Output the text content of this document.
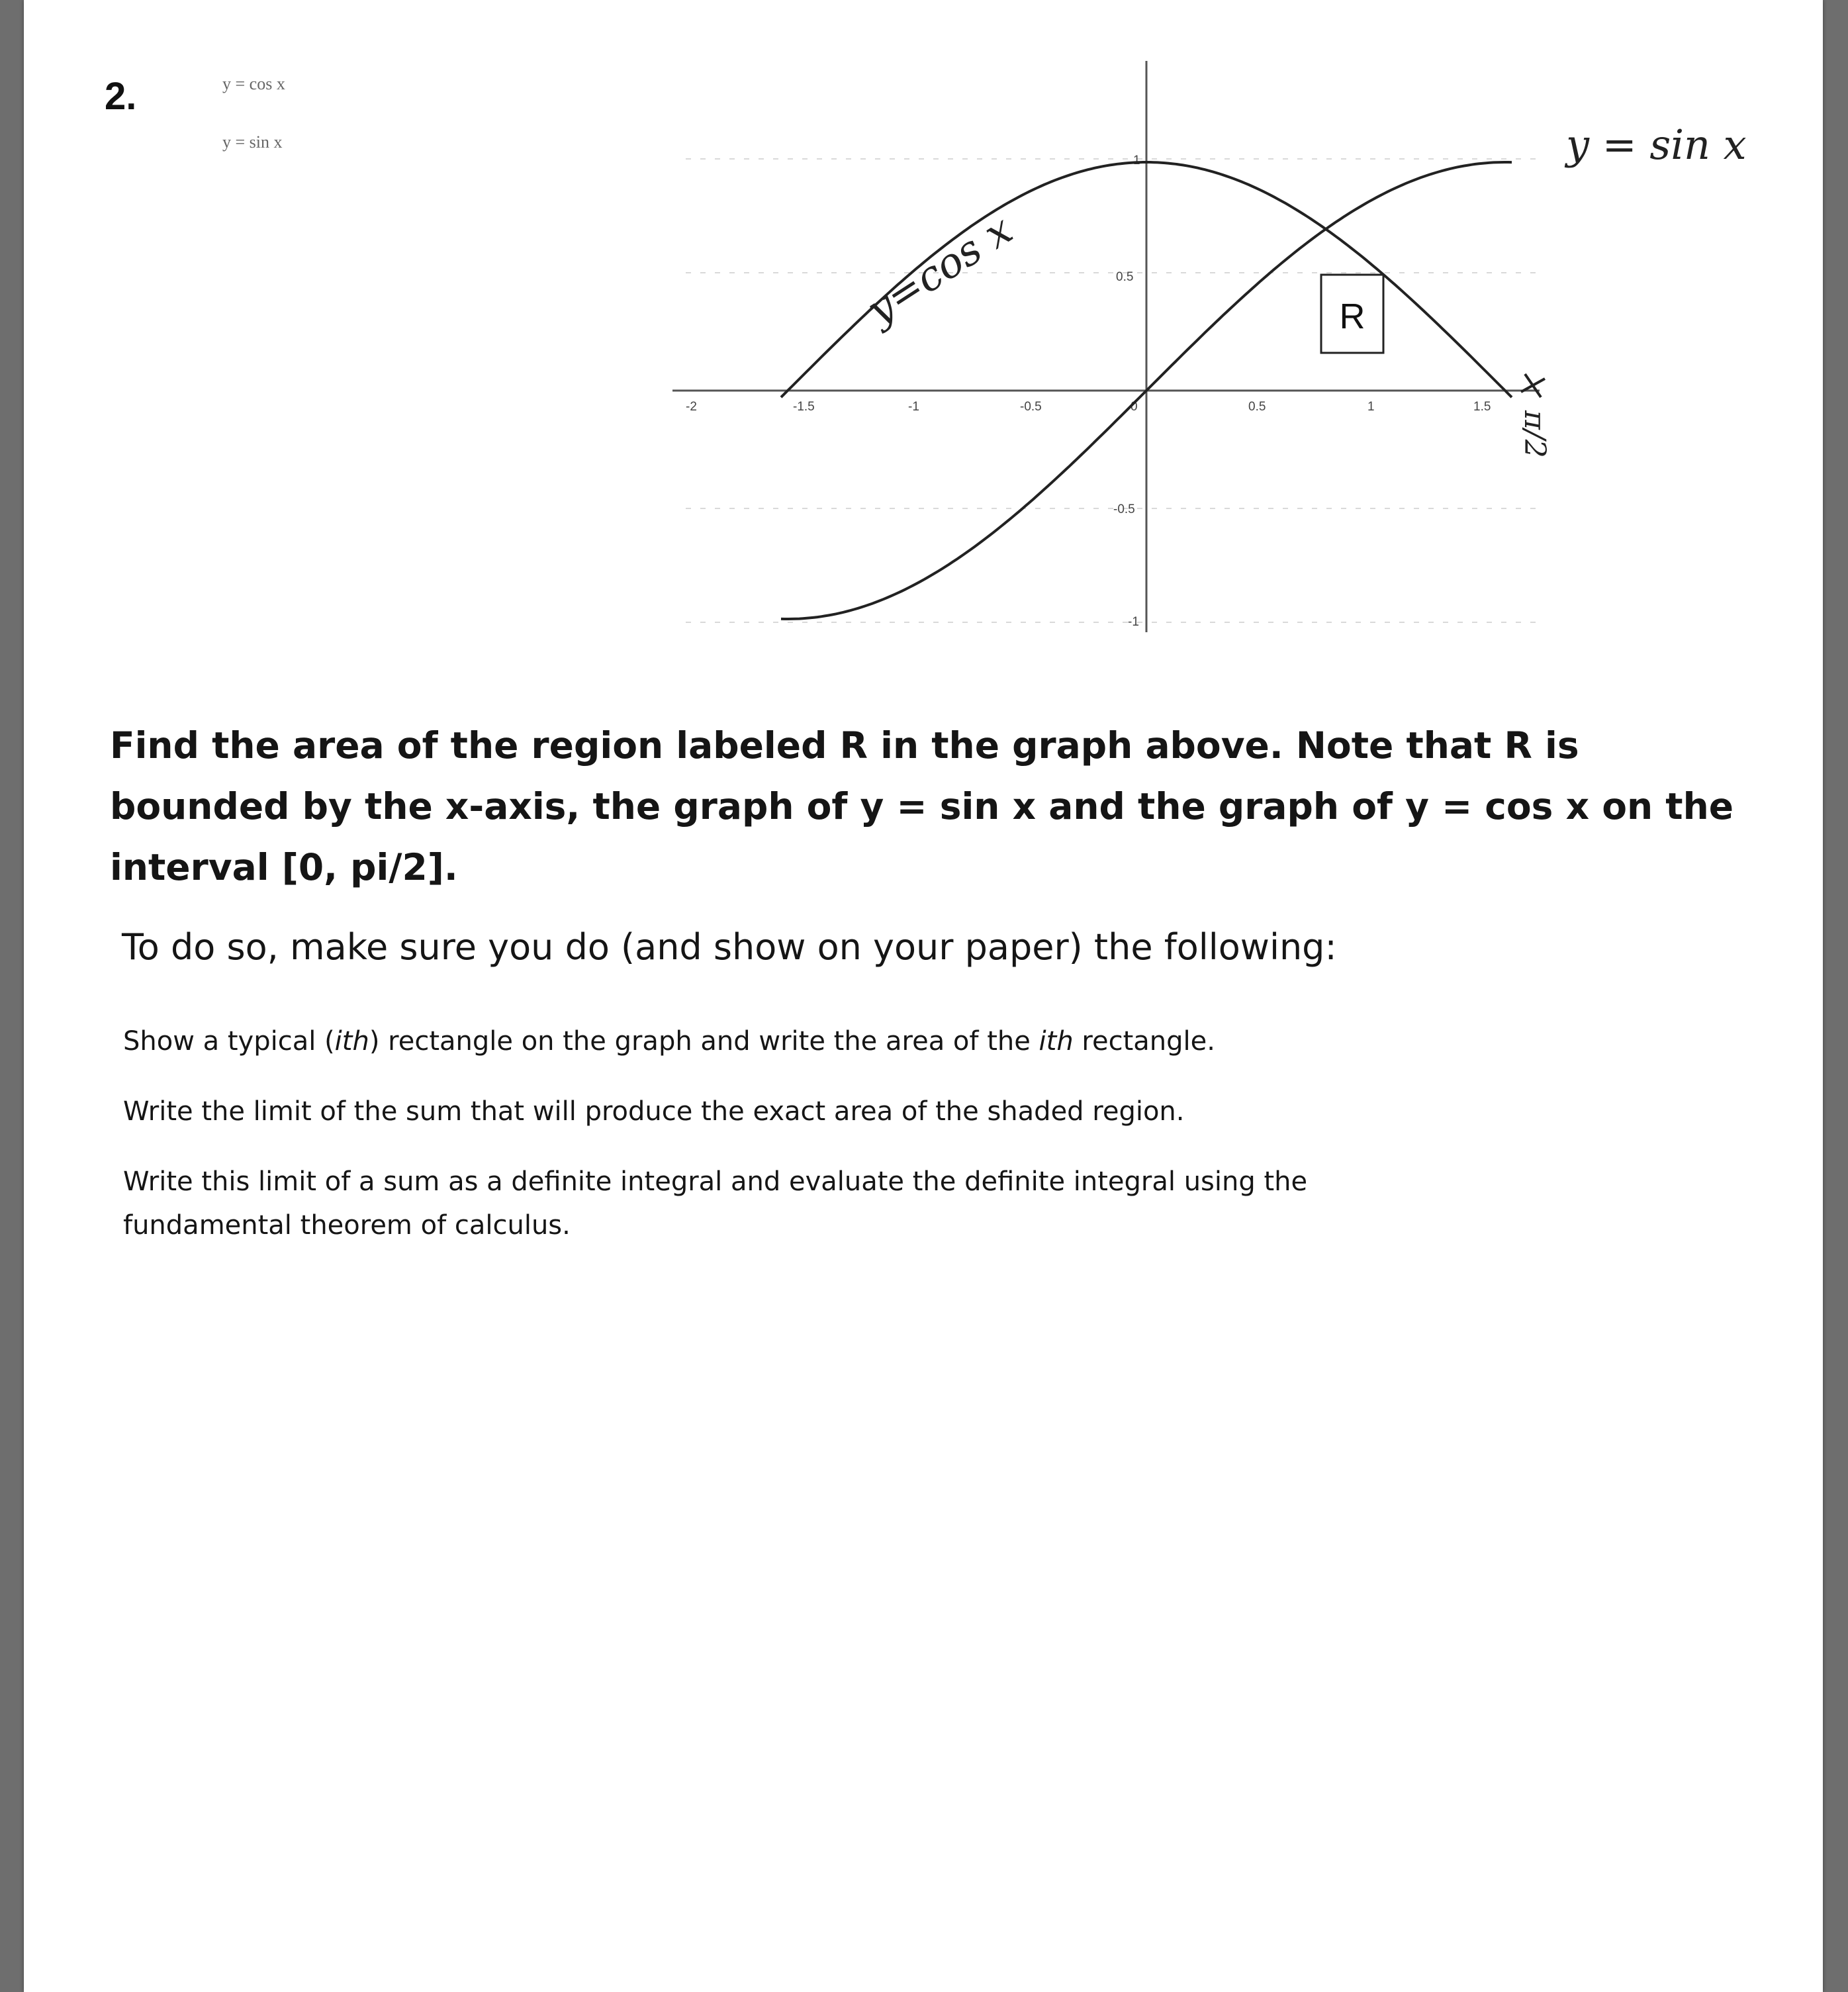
2.	y = cos x
y = sin x
-2	-1.5	-1	-0.5	0	0.5	1	1.5
0.5
-0.5
-1
1
R
y=cos x
y = sin x
π/2
Find the area of the region labeled R in the graph above. Note that R is bounded by the x-axis, the graph of y = sin x and the graph of y = cos x on the interval [0, pi/2].
To do so, make sure you do (and show on your paper) the following:
Show a typical (ith) rectangle on the graph and write the area of the ith rectangle.
Write the limit of the sum that will produce the exact area of the shaded region.
Write this limit of a sum as a definite integral and evaluate the definite integral using the fundamental theorem of calculus.
